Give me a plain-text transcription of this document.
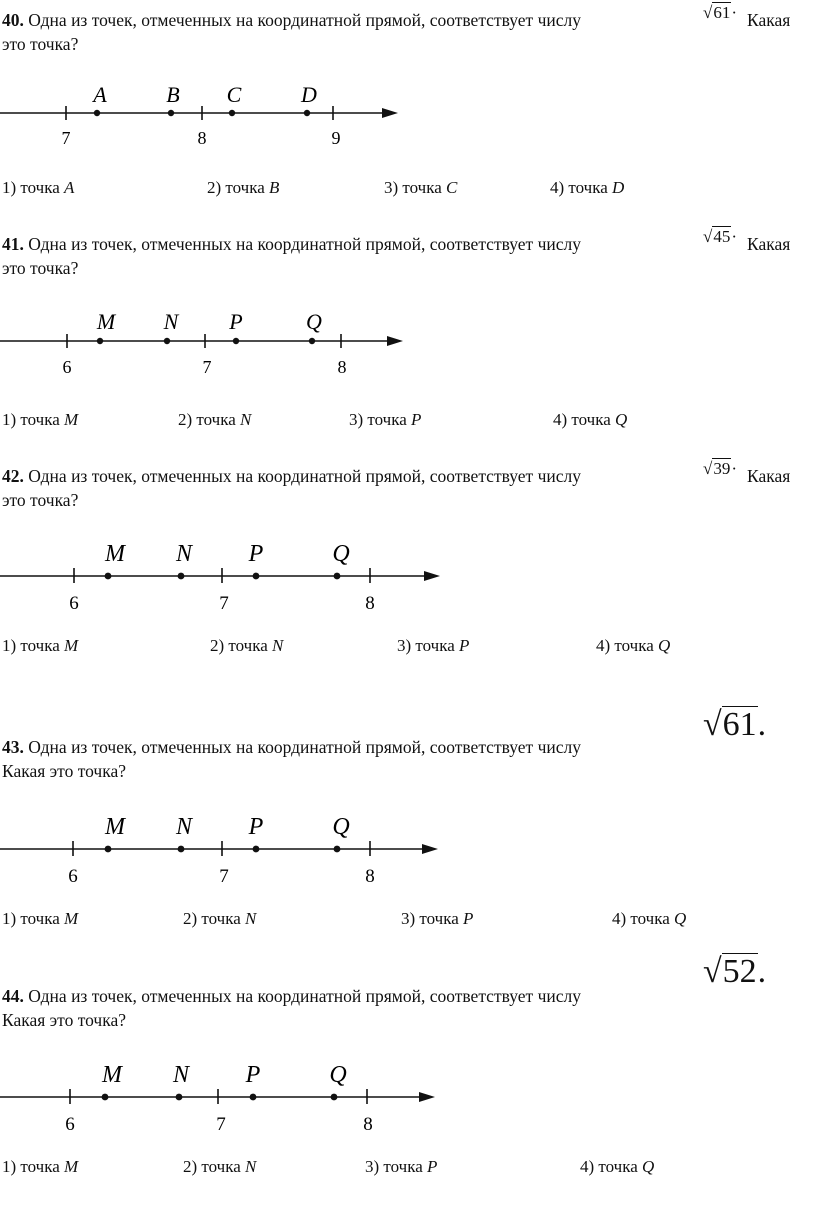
40. Одна из точек, отмеченных на координатной прямой, соответствует числу	√61· Какая
это точка?
7	8	9
A	B C	D
1) точка A	2) точка B	3) точка C	4) точка D
41. Одна из точек, отмеченных на координатной прямой, соответствует числу	√45· Какая
это точка?
6	7	8
M N P	Q
1) точка M	2) точка N	3) точка P	4) точка Q
42. Одна из точек, отмеченных на координатной прямой, соответствует числу	√39· Какая
это точка?
6	7	8
M N P	Q
1) точка M	2) точка N	3) точка P	4) точка Q
43. Одна из точек, отмеченных на координатной прямой, соответствует числу
√61.
Какая это точка?
6	7	8
M N P	Q
1) точка M	2) точка N	3) точка P	4) точка Q
44. Одна из точек, отмеченных на координатной прямой, соответствует числу
√52.
Какая это точка?
6	7	8
M N P	Q
1) точка M	2) точка N	3) точка P	4) точка Q
